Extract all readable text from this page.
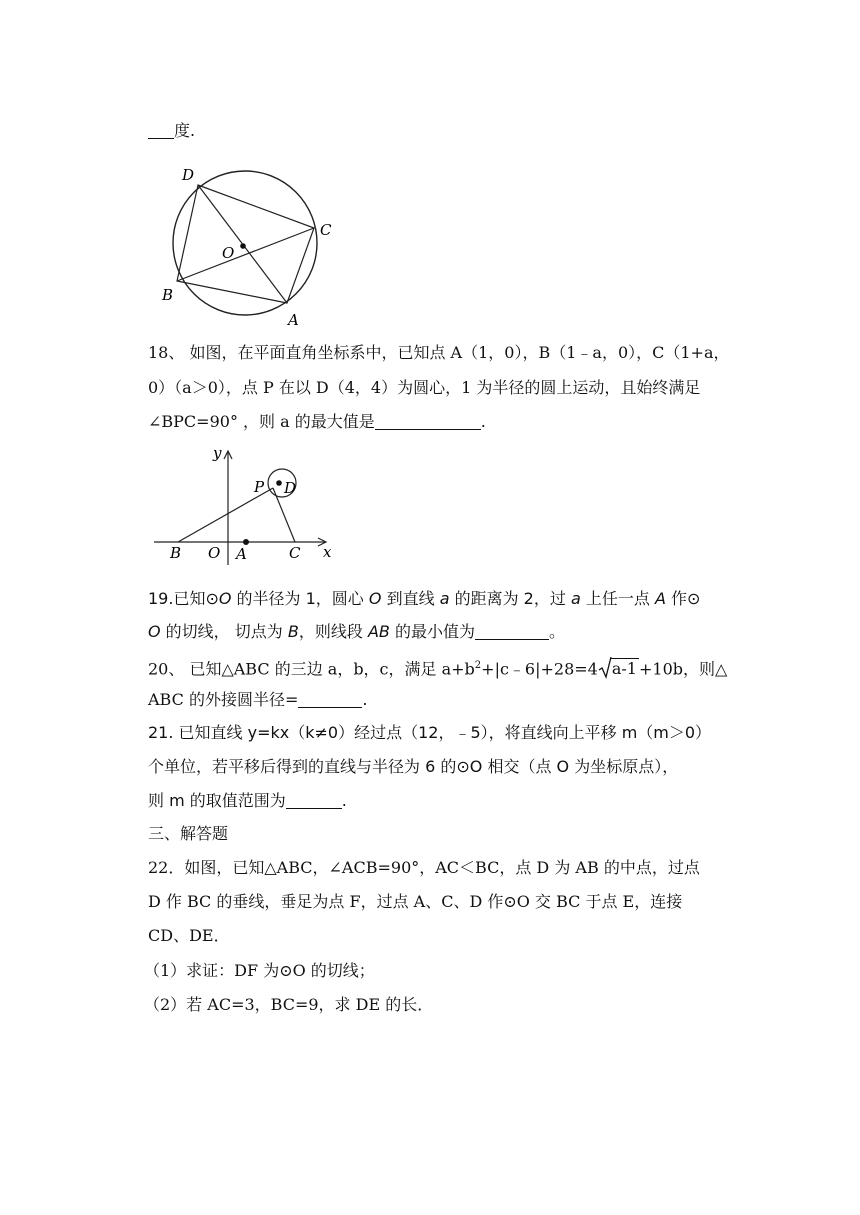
度.
D
C
O
B
A
18、 如图，在平面直角坐标系中，已知点 A（1，0），B（1﹣a，0），C（1+a，
0）（a＞0），点 P 在以 D（4，4）为圆心，1 为半径的圆上运动，且始终满足
∠BPC=90° ，则 a 的最大值是	.
y
P D
B O A	C x
19.已知⊙O 的半径为 1，圆心 O 到直线 a 的距离为 2，过 a 上任一点 A 作⊙
O 的切线， 切点为 B，则线段 AB 的最小值为	。
20、 已知△ABC 的三边 a，b，c，满足 $a+b^2+|c﹣6|+28=4$ a-1 +10b，则△
ABC 的外接圆半径=	.
21. 已知直线 y=kx（k≠0）经过点（12，﹣5），将直线向上平移 m（m＞0）
个单位，若平移后得到的直线与半径为 6 的⊙O 相交（点 O 为坐标原点），
则 m 的取值范围为	.
三、解答题
22．如图，已知△ABC，∠ACB=90°，AC＜BC，点 D 为 AB 的中点，过点
D 作 BC 的垂线，垂足为点 F，过点 A、C、D 作⊙O 交 BC 于点 E，连接
CD、DE．
（1）求证：DF 为⊙O 的切线；
（2）若 AC=3，BC=9，求 DE 的长．
